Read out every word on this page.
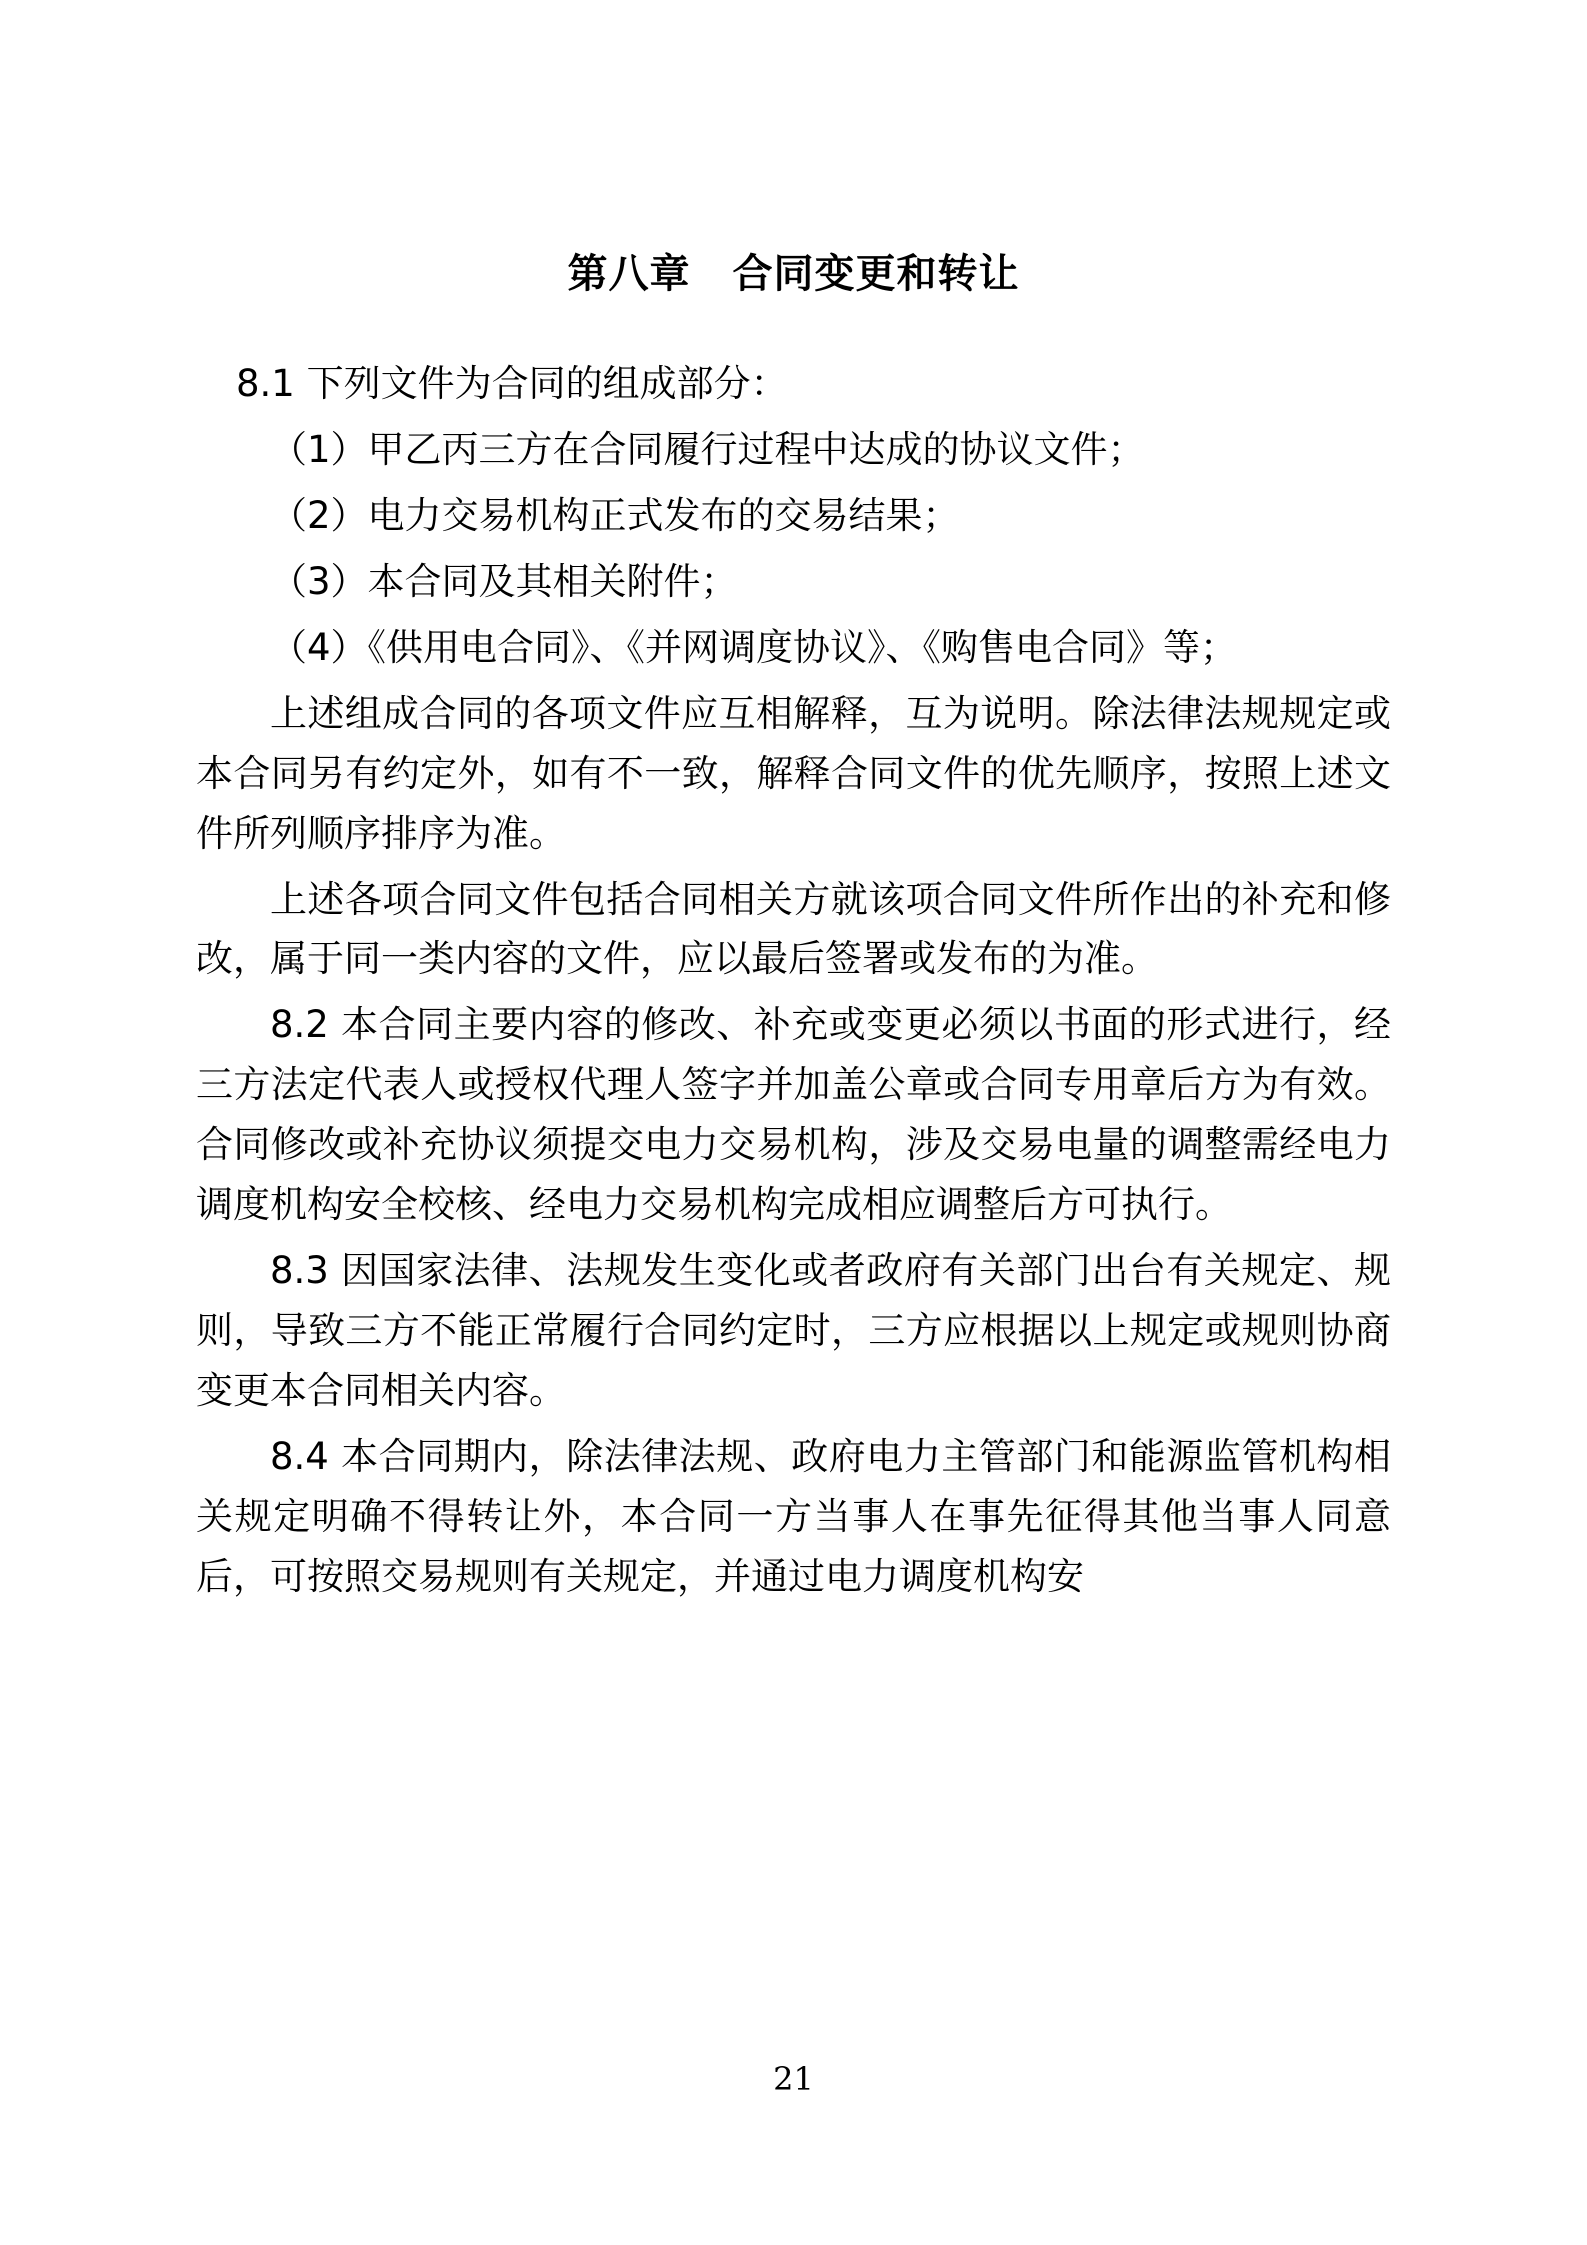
第八章 合同变更和转让

8.1 下列文件为合同的组成部分：

（1）甲乙丙三方在合同履行过程中达成的协议文件；

（2）电力交易机构正式发布的交易结果；

（3）本合同及其相关附件；

（4）《供用电合同》、《并网调度协议》、《购售电合同》等；

上述组成合同的各项文件应互相解释，互为说明。除法律法规规定或本合同另有约定外，如有不一致，解释合同文件的优先顺序，按照上述文件所列顺序排序为准。

上述各项合同文件包括合同相关方就该项合同文件所作出的补充和修改，属于同一类内容的文件，应以最后签署或发布的为准。

8.2 本合同主要内容的修改、补充或变更必须以书面的形式进行，经三方法定代表人或授权代理人签字并加盖公章或合同专用章后方为有效。合同修改或补充协议须提交电力交易机构，涉及交易电量的调整需经电力调度机构安全校核、经电力交易机构完成相应调整后方可执行。

8.3 因国家法律、法规发生变化或者政府有关部门出台有关规定、规则，导致三方不能正常履行合同约定时，三方应根据以上规定或规则协商变更本合同相关内容。

8.4 本合同期内，除法律法规、政府电力主管部门和能源监管机构相关规定明确不得转让外，本合同一方当事人在事先征得其他当事人同意后，可按照交易规则有关规定，并通过电力调度机构安

21
